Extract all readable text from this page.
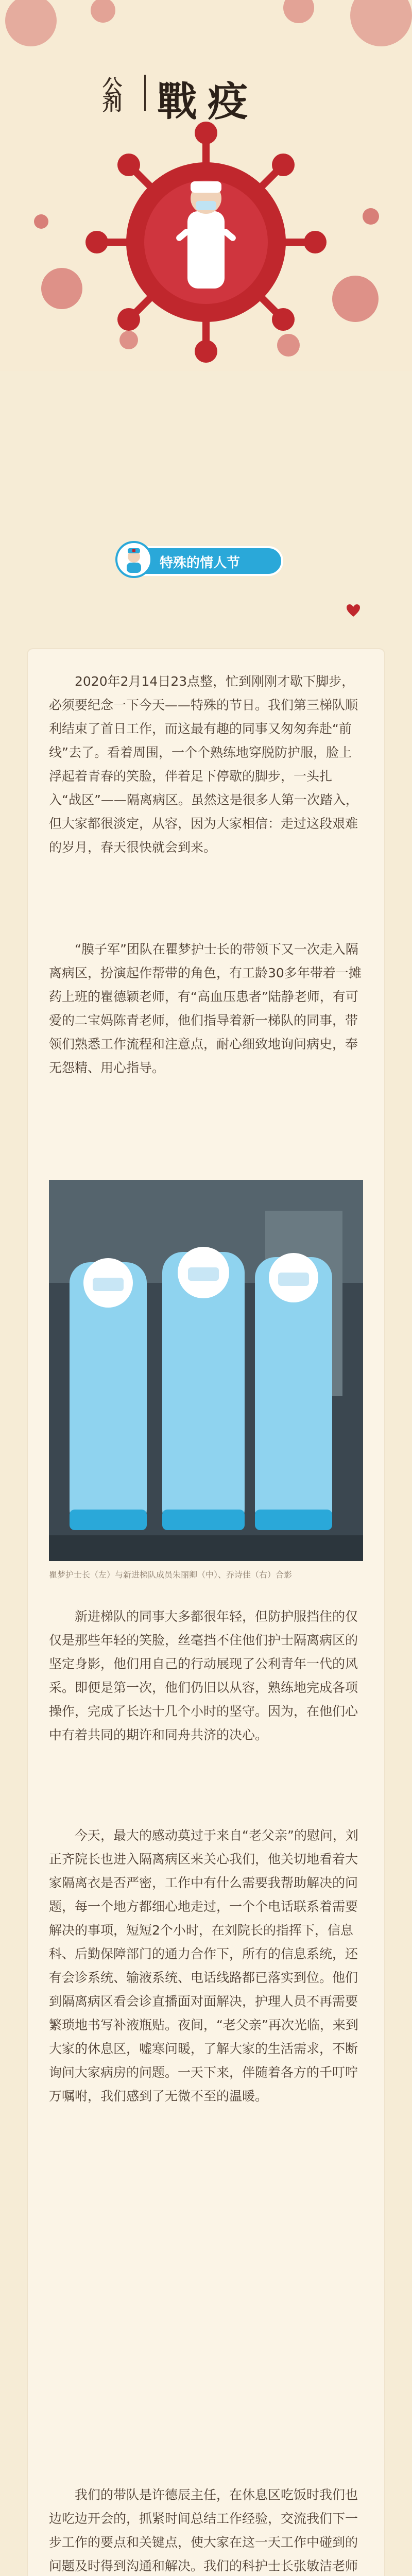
公剂 戰疫
特殊的情人节
2020年2月14日23点整，忙到刚刚才歇下脚步，必须要纪念一下今天——特殊的节日。我们第三梯队顺利结束了首日工作，而这最有趣的同事又匆匆奔赴“前线”去了。看着周围，一个个熟练地穿脱防护服，脸上浮起着青春的笑脸，伴着足下停歇的脚步，一头扎入“战区”——隔离病区。虽然这是很多人第一次踏入，但大家都很淡定，从容，因为大家相信：走过这段艰难的岁月，春天很快就会到来。
“膜子军”团队在瞿梦护士长的带领下又一次走入隔离病区，扮演起作帮带的角色，有工龄30多年带着一摊药上班的瞿德颖老师，有“高血压患者”陆静老师，有可爱的二宝妈陈青老师，他们指导着新一梯队的同事，带领们熟悉工作流程和注意点，耐心细致地询问病史，奉无怨精、用心指导。
瞿梦护士长（左）与新进梯队成员朱丽卿（中）、乔诗佳（右）合影
新进梯队的同事大多都很年轻，但防护服挡住的仅仅是那些年轻的笑脸，丝毫挡不住他们护士隔离病区的坚定身影，他们用自己的行动展现了公利青年一代的风采。即便是第一次，他们仍旧以从容，熟练地完成各项操作，完成了长达十几个小时的坚守。因为，在他们心中有着共同的期许和同舟共济的决心。
今天，最大的感动莫过于来自“老父亲”的慰问，刘正齐院长也进入隔离病区来关心我们，他关切地看着大家隔离衣是否严密，工作中有什么需要我帮助解决的问题，每一个地方都细心地走过，一个个电话联系着需要解决的事项，短短2个小时，在刘院长的指挥下，信息科、后勤保障部门的通力合作下，所有的信息系统，还有会诊系统、输液系统、电话线路都已落实到位。他们到隔离病区看会诊直播面对面解决，护理人员不再需要繁琐地书写补液瓶贴。夜间，“老父亲”再次光临，来到大家的休息区，嘘寒问暖，了解大家的生活需求，不断询问大家病房的问题。一天下来，伴随着各方的千叮咛万嘱咐，我们感到了无微不至的温暖。
我们的带队是许德辰主任，在休息区吃饭时我们也边吃边开会的，抓紧时间总结工作经验，交流我们下一步工作的要点和关键点，使大家在这一天工作中碰到的问题及时得到沟通和解决。我们的科护士长张敏洁老师
